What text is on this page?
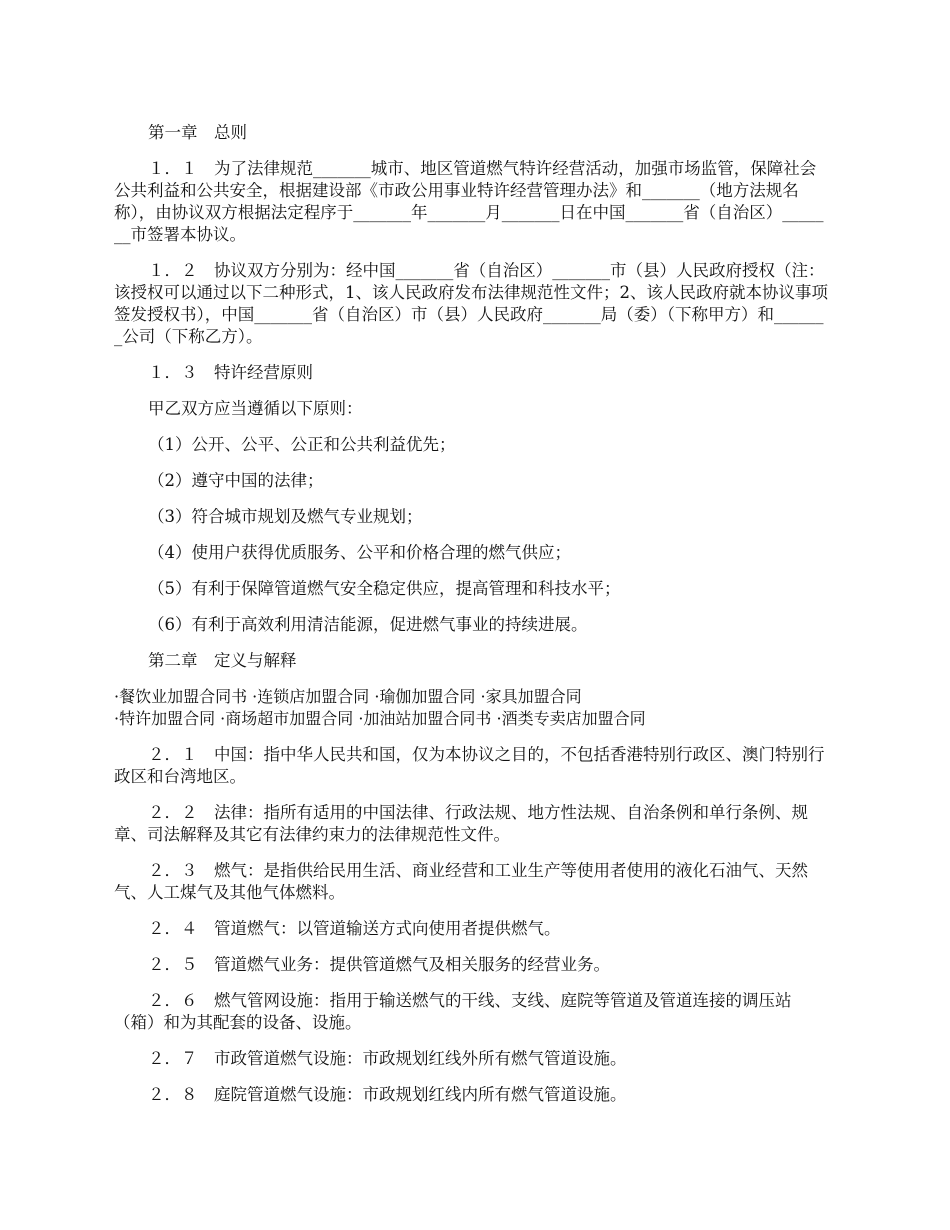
第一章　总则

１．１　为了法律规范_______城市、地区管道燃气特许经营活动，加强市场监管，保障社会公共利益和公共安全，根据建设部《市政公用事业特许经营管理办法》和_______（地方法规名称），由协议双方根据法定程序于_______年_______月_______日在中国_______省（自治区）_______市签署本协议。

１．２　协议双方分别为：经中国_______省（自治区）_______市（县）人民政府授权（注：该授权可以通过以下二种形式，1、该人民政府发布法律规范性文件；2、该人民政府就本协议事项签发授权书），中国_______省（自治区）市（县）人民政府_______局（委）（下称甲方）和_______公司（下称乙方）。

１．３　特许经营原则

甲乙双方应当遵循以下原则：

（1）公开、公平、公正和公共利益优先；

（2）遵守中国的法律；

（3）符合城市规划及燃气专业规划；

（4）使用户获得优质服务、公平和价格合理的燃气供应；

（5）有利于保障管道燃气安全稳定供应，提高管理和科技水平；

（6）有利于高效利用清洁能源，促进燃气事业的持续进展。

第二章　定义与解释

·餐饮业加盟合同书 ·连锁店加盟合同 ·瑜伽加盟合同 ·家具加盟合同

·特许加盟合同 ·商场超市加盟合同 ·加油站加盟合同书 ·酒类专卖店加盟合同

２．１　中国：指中华人民共和国，仅为本协议之目的，不包括香港特别行政区、澳门特别行政区和台湾地区。

２．２　法律：指所有适用的中国法律、行政法规、地方性法规、自治条例和单行条例、规章、司法解释及其它有法律约束力的法律规范性文件。

２．３　燃气：是指供给民用生活、商业经营和工业生产等使用者使用的液化石油气、天然气、人工煤气及其他气体燃料。

２．４　管道燃气：以管道输送方式向使用者提供燃气。

２．５　管道燃气业务：提供管道燃气及相关服务的经营业务。

２．６　燃气管网设施：指用于输送燃气的干线、支线、庭院等管道及管道连接的调压站（箱）和为其配套的设备、设施。

２．７　市政管道燃气设施：市政规划红线外所有燃气管道设施。

２．８　庭院管道燃气设施：市政规划红线内所有燃气管道设施。
